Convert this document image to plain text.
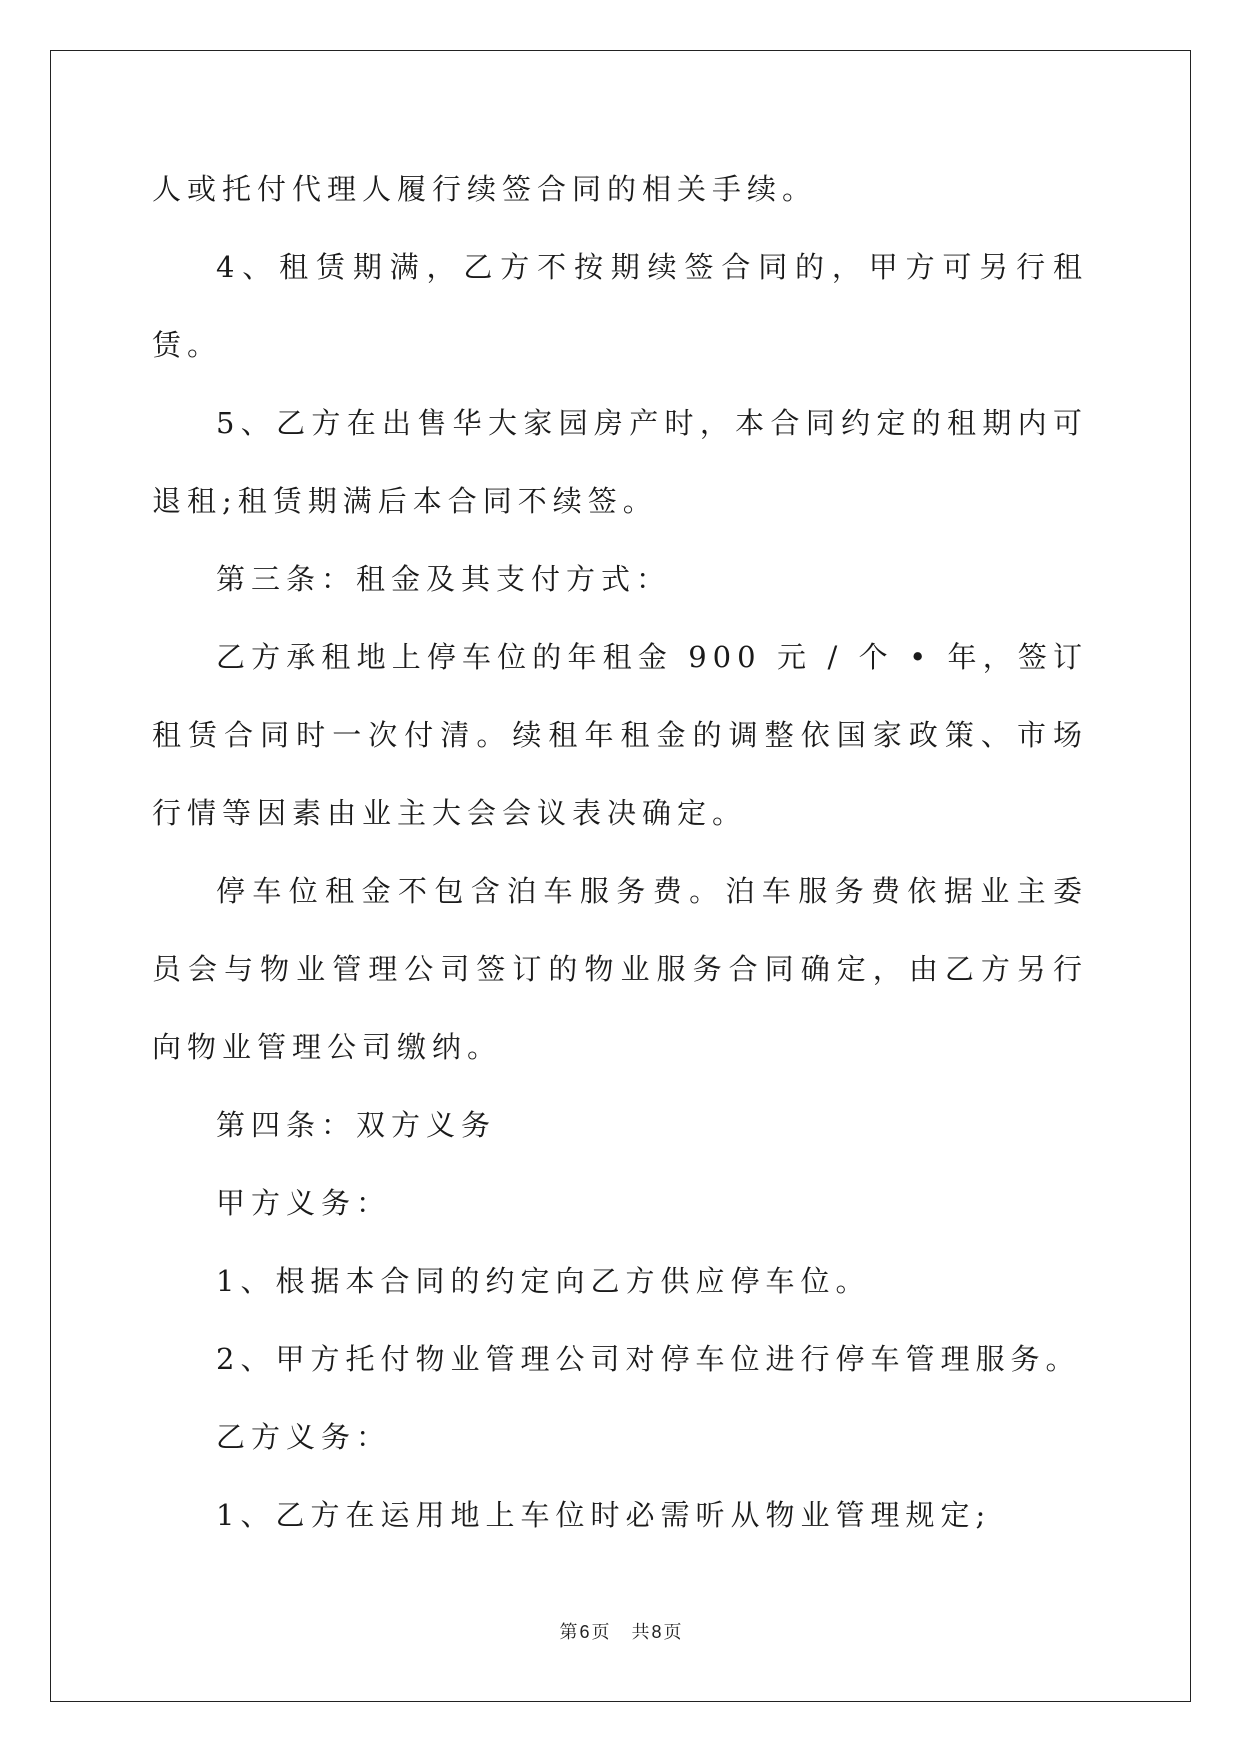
人或托付代理人履行续签合同的相关手续。

4、租赁期满，乙方不按期续签合同的，甲方可另行租赁。

5、乙方在出售华大家园房产时，本合同约定的租期内可退租;租赁期满后本合同不续签。

第三条：租金及其支付方式：

乙方承租地上停车位的年租金 900 元 / 个 • 年，签订租赁合同时一次付清。续租年租金的调整依国家政策、市场行情等因素由业主大会会议表决确定。

停车位租金不包含泊车服务费。泊车服务费依据业主委员会与物业管理公司签订的物业服务合同确定，由乙方另行向物业管理公司缴纳。

第四条：双方义务

甲方义务：

1、根据本合同的约定向乙方供应停车位。

2、甲方托付物业管理公司对停车位进行停车管理服务。

乙方义务：

1、乙方在运用地上车位时必需听从物业管理规定;

第 6 页 共 8 页
